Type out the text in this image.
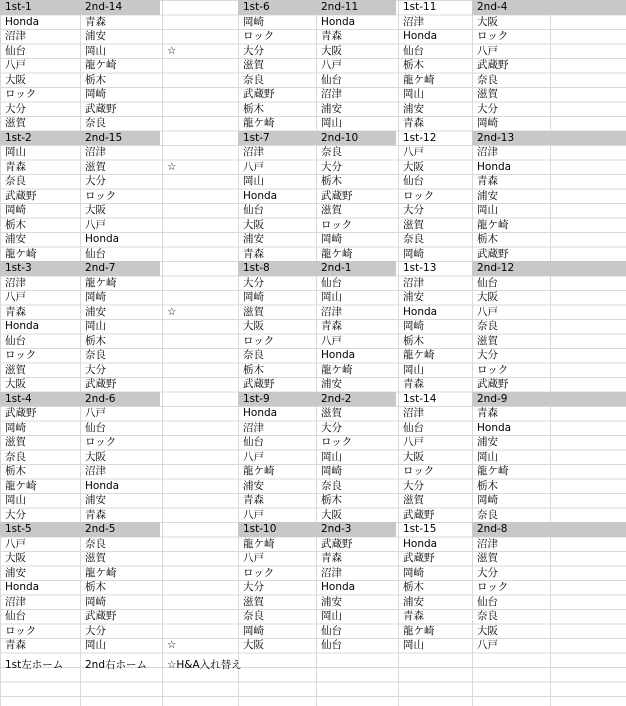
1st-1	2nd-14
Honda	青森
沼津	浦安
仙台	岡山	☆
八戸	龍ケ崎
大阪	栃木
ロック	岡崎
大分	武蔵野
滋賀	奈良
1st-6	2nd-11
岡崎	Honda
ロック	青森
大分	大阪
滋賀	八戸
奈良	仙台
武蔵野	沼津
栃木	浦安
龍ケ崎	岡山
1st-11	2nd-4
沼津	大阪
Honda	ロック
仙台	八戸
栃木	武蔵野
龍ケ崎	奈良
岡山	滋賀
浦安	大分
青森	岡崎
1st-2	2nd-15
岡山	沼津
青森	滋賀	☆
奈良	大分
武蔵野	ロック
岡崎	大阪
栃木	八戸
浦安	Honda
龍ケ崎	仙台
1st-7	2nd-10
沼津	奈良
八戸	大分
岡山	栃木
Honda	武蔵野
仙台	滋賀
大阪	ロック
浦安	岡崎
青森	龍ケ崎
1st-12	2nd-13
八戸	沼津
大阪	Honda
仙台	青森
ロック	浦安
大分	岡山
滋賀	龍ケ崎
奈良	栃木
岡崎	武蔵野
1st-3	2nd-7
沼津	龍ケ崎
八戸	岡崎
青森	浦安	☆
Honda	岡山
仙台	栃木
ロック	奈良
滋賀	大分
大阪	武蔵野
1st-8	2nd-1
大分	仙台
岡崎	岡山
滋賀	沼津
大阪	青森
ロック	八戸
奈良	Honda
栃木	龍ケ崎
武蔵野	浦安
1st-13	2nd-12
沼津	仙台
浦安	大阪
Honda	八戸
岡崎	奈良
栃木	滋賀
龍ケ崎	大分
岡山	ロック
青森	武蔵野
1st-4	2nd-6
武蔵野	八戸
岡崎	仙台
滋賀	ロック
奈良	大阪
栃木	沼津
龍ケ崎	Honda
岡山	浦安
大分	青森
1st-9	2nd-2
Honda	滋賀
沼津	大分
仙台	ロック
八戸	岡山
龍ケ崎	岡崎
浦安	奈良
青森	栃木
八戸	大阪
1st-14	2nd-9
沼津	青森
仙台	Honda
八戸	浦安
大阪	岡山
ロック	龍ケ崎
大分	栃木
滋賀	岡崎
武蔵野	奈良
1st-5	2nd-5
八戸	奈良
大阪	滋賀
浦安	龍ケ崎
Honda	栃木
沼津	岡崎
仙台	武蔵野
ロック	大分
青森	岡山	☆
1st-10	2nd-3
龍ケ崎	武蔵野
八戸	青森
ロック	沼津
大分	Honda
滋賀	浦安
奈良	岡山
岡崎	仙台
大阪	仙台
1st-15	2nd-8
Honda	沼津
武蔵野	滋賀
岡崎	大分
栃木	ロック
浦安	仙台
青森	奈良
龍ケ崎	大阪
岡山	八戸
1st左ホーム	2nd右ホーム	☆H&A入れ替え
